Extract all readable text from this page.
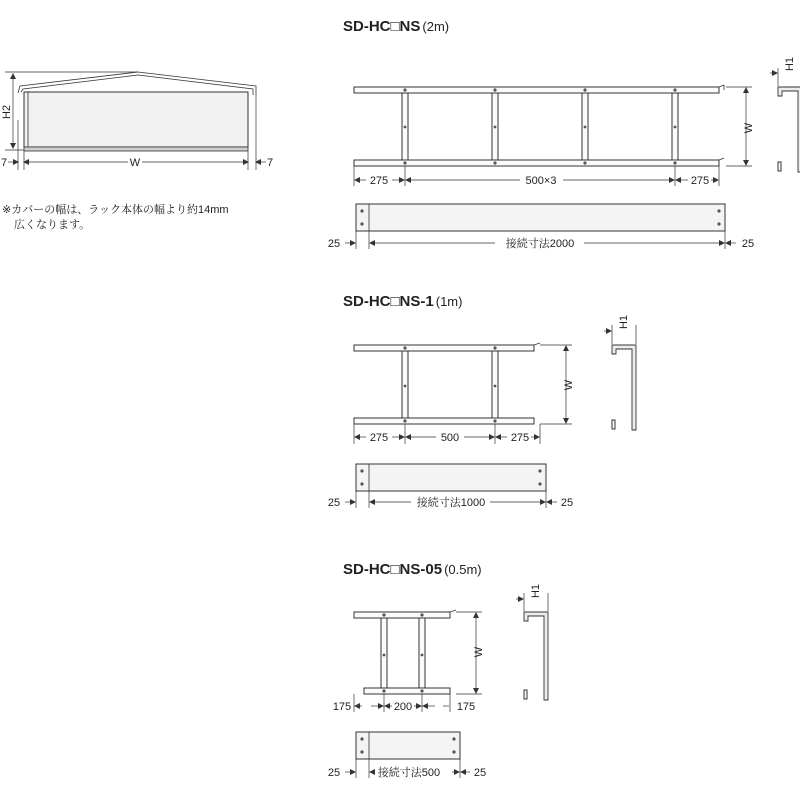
H2
W
7	7
SD-HC□NS (2m)
W
275	500×3	275
H1
25	接続寸法2000	25
SD-HC□NS-1 (1m)
W
275	500	275
H1
25	接続寸法1000	25
SD-HC□NS-05 (0.5m)
W
175	200	175
H1
25	接続寸法500	25
※カバーの幅は、ラック本体の幅より約14mm
広くなります。
